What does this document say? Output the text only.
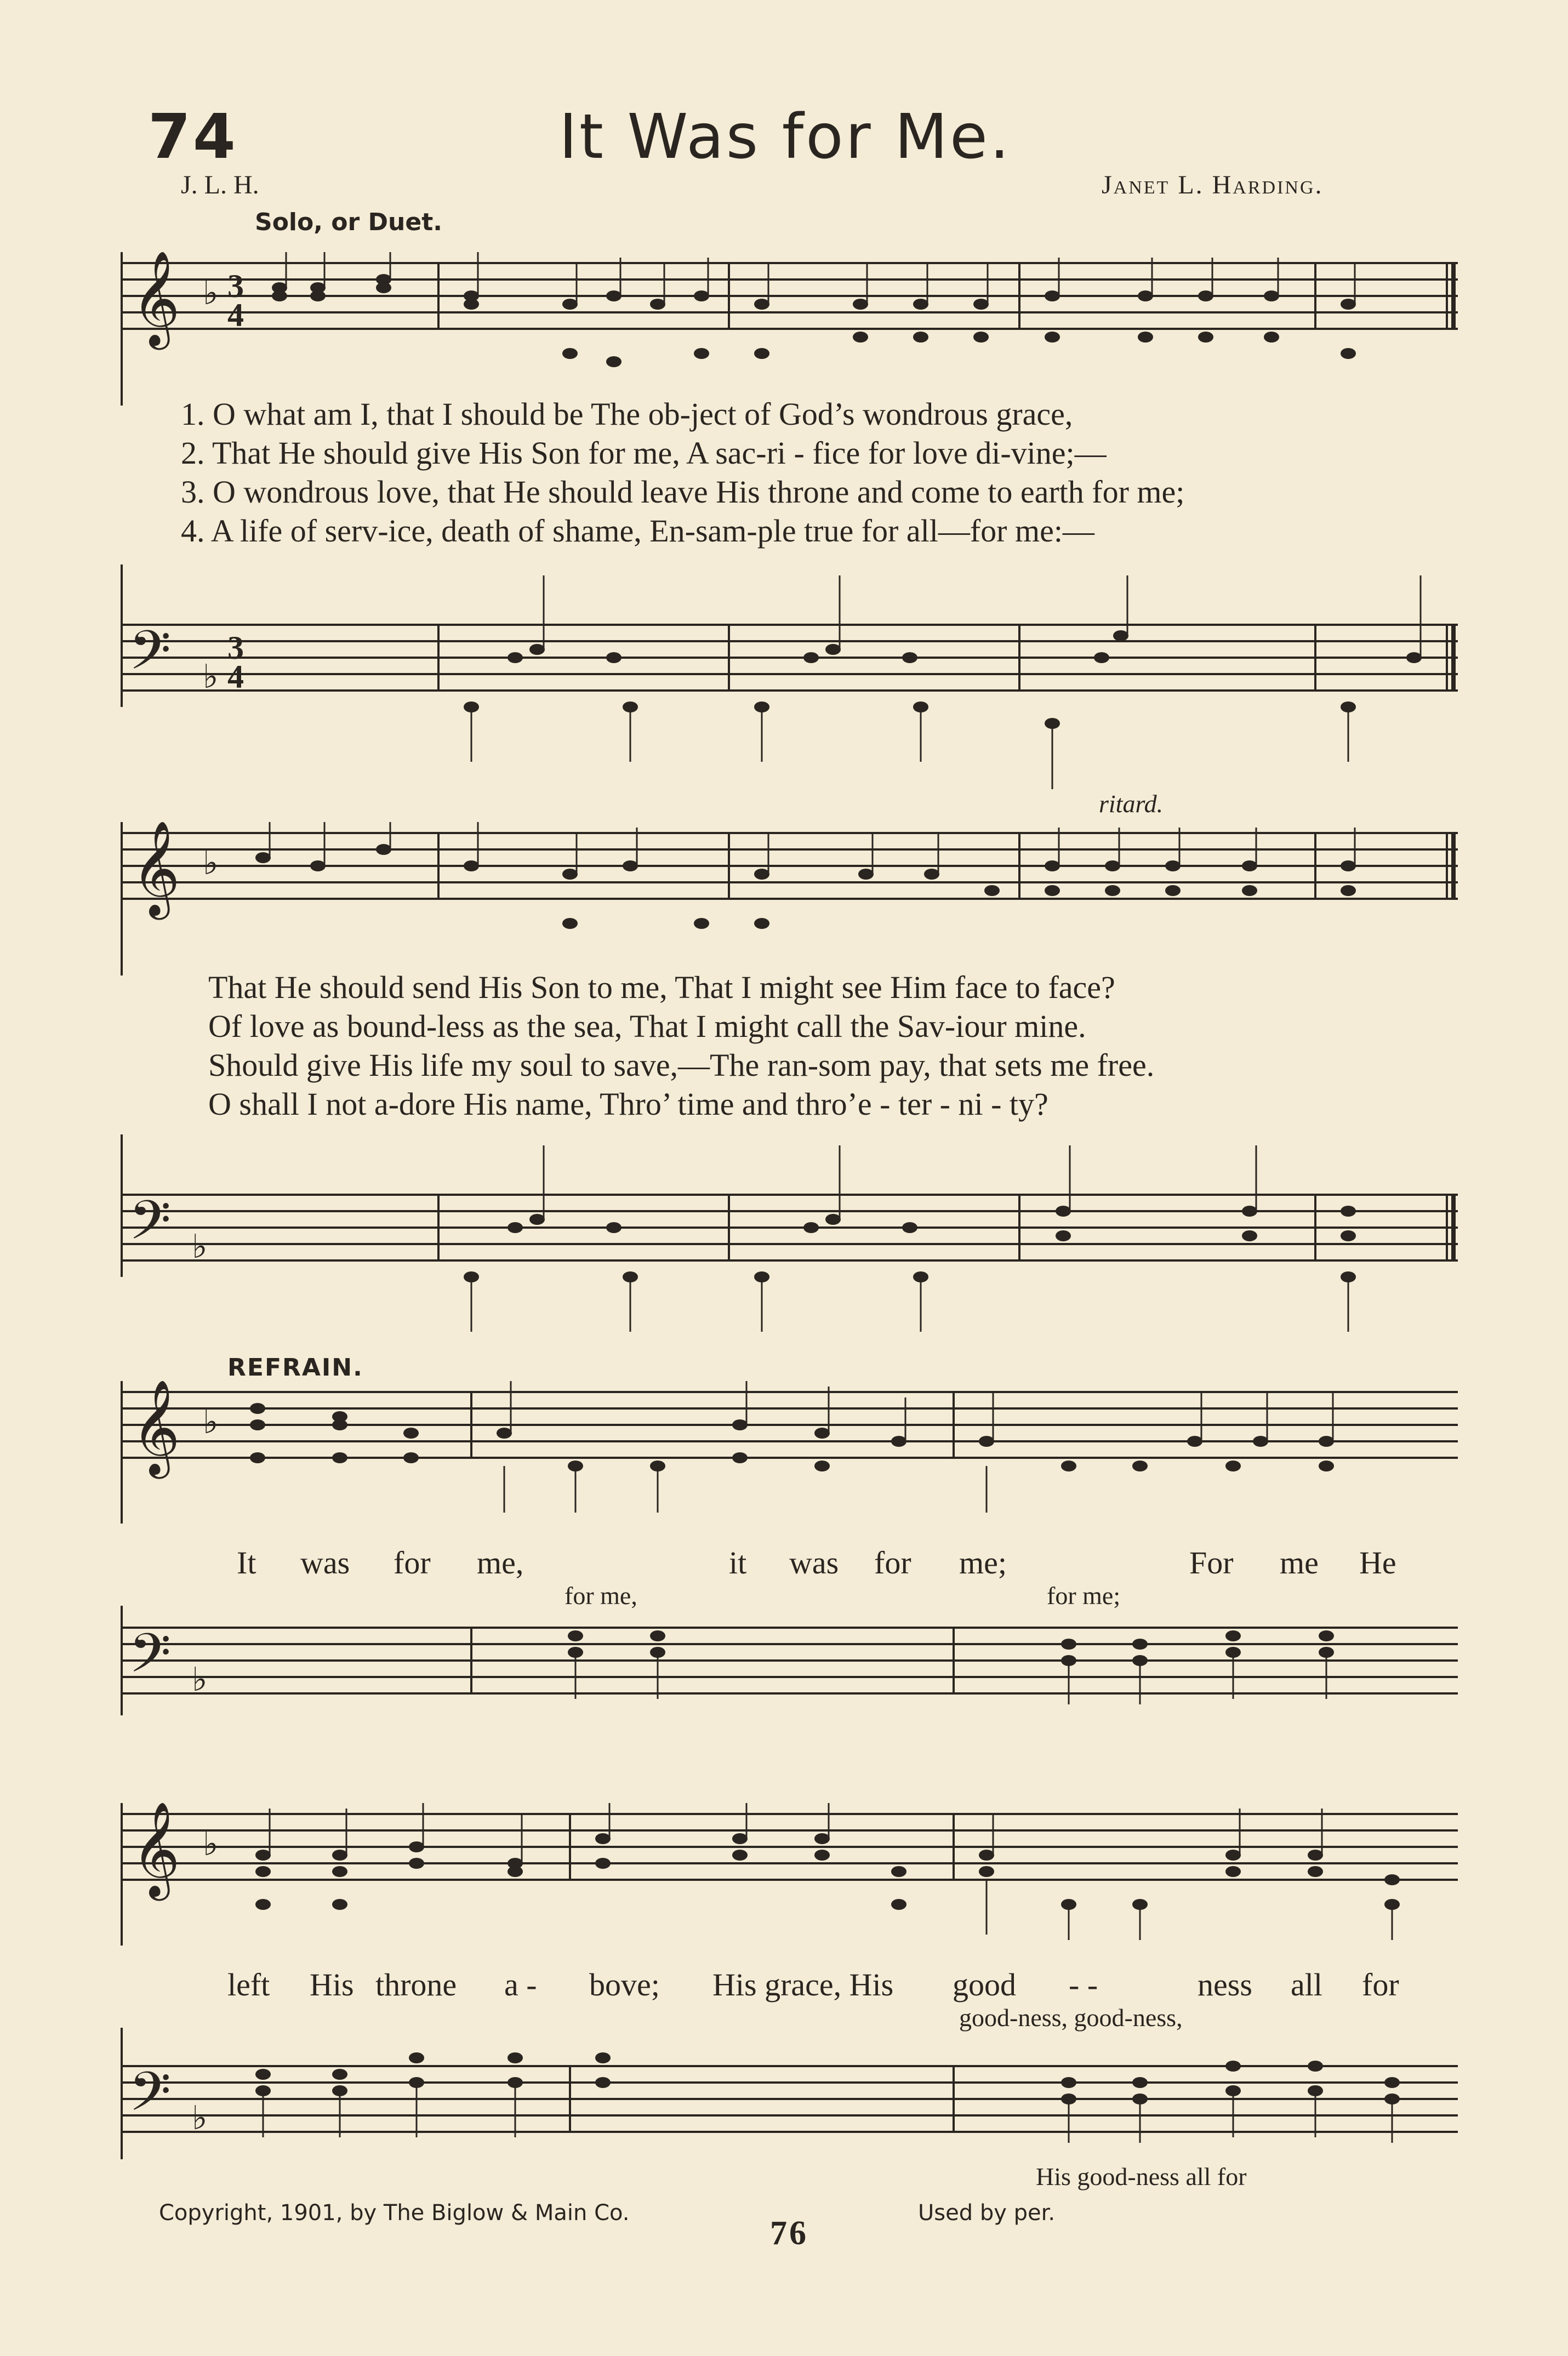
74	It Was for Me.
J. L. H.	Janet L. Harding.
Solo, or Duet.
𝄞 ♭ 3
4
1. O what am I, that I should be The ob-ject of God’s wondrous grace,
2. That He should give His Son for me, A sac-ri - fice for love di-vine;—
3. O wondrous love, that He should leave His throne and come to earth for me;
4. A life of serv-ice, death of shame, En-sam-ple true for all—for me:—
𝄢 ♭
3
4
ritard.
𝄞 ♭
That He should send His Son to me, That I might see Him face to face?
Of love as bound-less as the sea, That I might call the Sav-iour mine.
Should give His life my soul to save,—The ran-som pay, that sets me free.
O shall I not a-dore His name, Thro’ time and thro’e - ter - ni - ty?
𝄢 ♭
REFRAIN.
𝄞 ♭
It was for me,	it was for me;	For me He
for me,	for me;
𝄢 ♭
𝄞 ♭
left His throne a - bove; His grace, His good - -	ness all for
good-ness, good-ness,
𝄢 ♭
His good-ness all for
Copyright, 1901, by The Biglow & Main Co.
76
Used by per.
